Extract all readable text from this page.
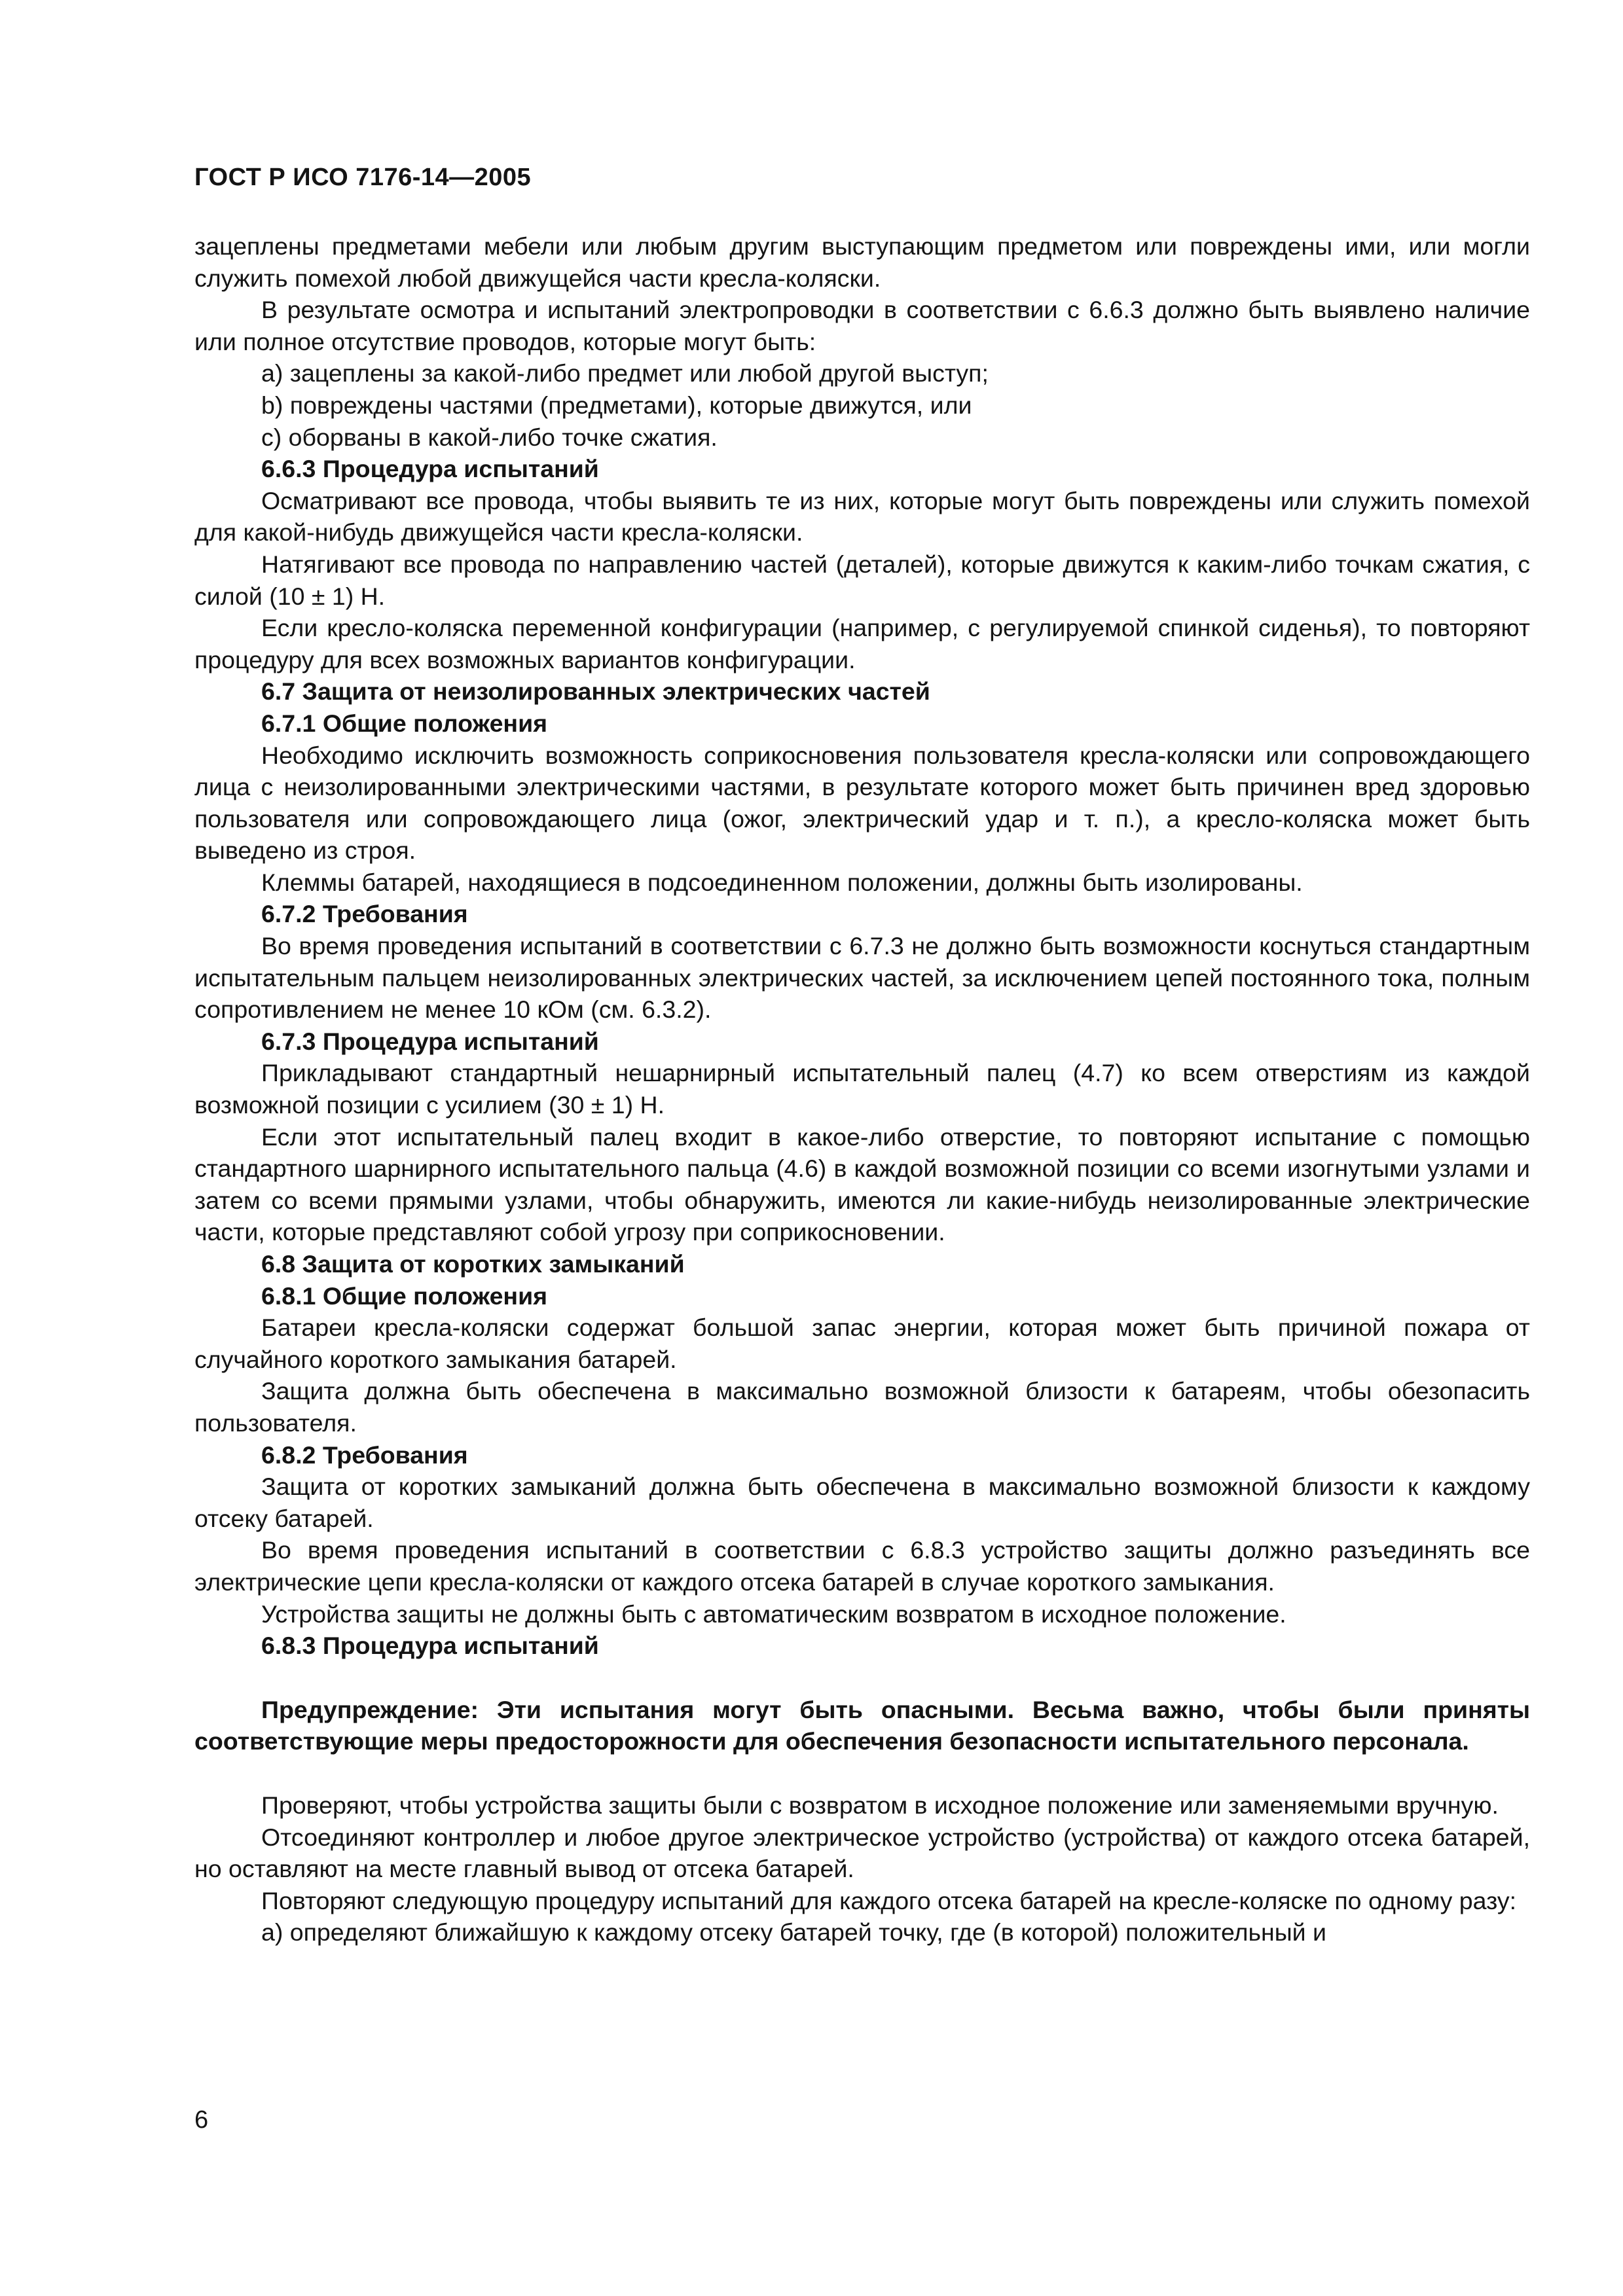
ГОСТ Р ИСО 7176-14—2005

зацеплены предметами мебели или любым другим выступающим предметом или повреждены ими, или могли служить помехой любой движущейся части кресла-коляски.

В результате осмотра и испытаний электропроводки в соответствии с 6.6.3 должно быть выявлено наличие или полное отсутствие проводов, которые могут быть:

a) зацеплены за какой-либо предмет или любой другой выступ;

b) повреждены частями (предметами), которые движутся, или

c) оборваны в какой-либо точке сжатия.

6.6.3 Процедура испытаний

Осматривают все провода, чтобы выявить те из них, которые могут быть повреждены или служить помехой для какой-нибудь движущейся части кресла-коляски.

Натягивают все провода по направлению частей (деталей), которые движутся к каким-либо точкам сжатия, с силой (10 ± 1) Н.

Если кресло-коляска переменной конфигурации (например, с регулируемой спинкой сиденья), то повторяют процедуру для всех возможных вариантов конфигурации.

6.7 Защита от неизолированных электрических частей

6.7.1 Общие положения

Необходимо исключить возможность соприкосновения пользователя кресла-коляски или сопровождающего лица с неизолированными электрическими частями, в результате которого может быть причинен вред здоровью пользователя или сопровождающего лица (ожог, электрический удар и т. п.), а кресло-коляска может быть выведено из строя.

Клеммы батарей, находящиеся в подсоединенном положении, должны быть изолированы.

6.7.2 Требования

Во время проведения испытаний в соответствии с 6.7.3 не должно быть возможности коснуться стандартным испытательным пальцем неизолированных электрических частей, за исключением цепей постоянного тока, полным сопротивлением не менее 10 кОм (см. 6.3.2).

6.7.3 Процедура испытаний

Прикладывают стандартный нешарнирный испытательный палец (4.7) ко всем отверстиям из каждой возможной позиции с усилием (30 ± 1) Н.

Если этот испытательный палец входит в какое-либо отверстие, то повторяют испытание с помощью стандартного шарнирного испытательного пальца (4.6) в каждой возможной позиции со всеми изогнутыми узлами и затем со всеми прямыми узлами, чтобы обнаружить, имеются ли какие-нибудь неизолированные электрические части, которые представляют собой угрозу при соприкосновении.

6.8 Защита от коротких замыканий

6.8.1 Общие положения

Батареи кресла-коляски содержат большой запас энергии, которая может быть причиной пожара от случайного короткого замыкания батарей.

Защита должна быть обеспечена в максимально возможной близости к батареям, чтобы обезопасить пользователя.

6.8.2 Требования

Защита от коротких замыканий должна быть обеспечена в максимально возможной близости к каждому отсеку батарей.

Во время проведения испытаний в соответствии с 6.8.3 устройство защиты должно разъединять все электрические цепи кресла-коляски от каждого отсека батарей в случае короткого замыкания.

Устройства защиты не должны быть с автоматическим возвратом в исходное положение.

6.8.3 Процедура испытаний

Предупреждение: Эти испытания могут быть опасными. Весьма важно, чтобы были приняты соответствующие меры предосторожности для обеспечения безопасности испытательного персонала.

Проверяют, чтобы устройства защиты были с возвратом в исходное положение или заменяемыми вручную.

Отсоединяют контроллер и любое другое электрическое устройство (устройства) от каждого отсека батарей, но оставляют на месте главный вывод от отсека батарей.

Повторяют следующую процедуру испытаний для каждого отсека батарей на кресле-коляске по одному разу:

a) определяют ближайшую к каждому отсеку батарей точку, где (в которой) положительный и

6
